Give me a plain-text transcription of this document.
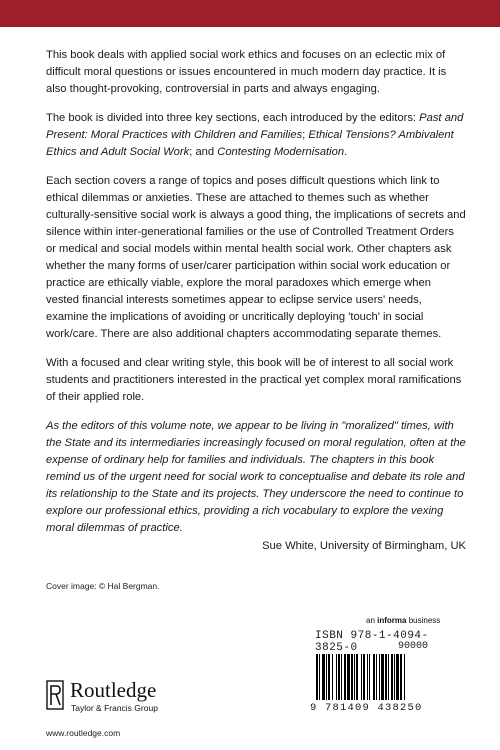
This book deals with applied social work ethics and focuses on an eclectic mix of difficult moral questions or issues encountered in much modern day practice. It is also thought-provoking, controversial in parts and always engaging.

The book is divided into three key sections, each introduced by the editors: Past and Present: Moral Practices with Children and Families; Ethical Tensions? Ambivalent Ethics and Adult Social Work; and Contesting Modernisation.

Each section covers a range of topics and poses difficult questions which link to ethical dilemmas or anxieties. These are attached to themes such as whether culturally-sensitive social work is always a good thing, the implications of secrets and silence within inter-generational families or the use of Controlled Treatment Orders or medical and social models within mental health social work. Other chapters ask whether the many forms of user/carer participation within social work education or practice are ethically viable, explore the moral paradoxes which emerge when vested financial interests sometimes appear to eclipse service users' needs, examine the implications of avoiding or uncritically deploying 'touch' in social work/care. There are also additional chapters accommodating separate themes.

With a focused and clear writing style, this book will be of interest to all social work students and practitioners interested in the practical yet complex moral ramifications of their applied role.

As the editors of this volume note, we appear to be living in "moralized" times, with the State and its intermediaries increasingly focused on moral regulation, often at the expense of ordinary help for families and individuals. The chapters in this book remind us of the urgent need for social work to conceptualise and debate its role and its relationship to the State and its projects. They underscore the need to continue to explore our professional ethics, providing a rich vocabulary to explore the vexing moral dilemmas of practice.

Sue White, University of Birmingham, UK
Cover image: © Hal Bergman.
an informa business
ISBN 978-1-4094-3825-0	90000
9 781409 438250
Routledge
Taylor & Francis Group
www.routledge.com
